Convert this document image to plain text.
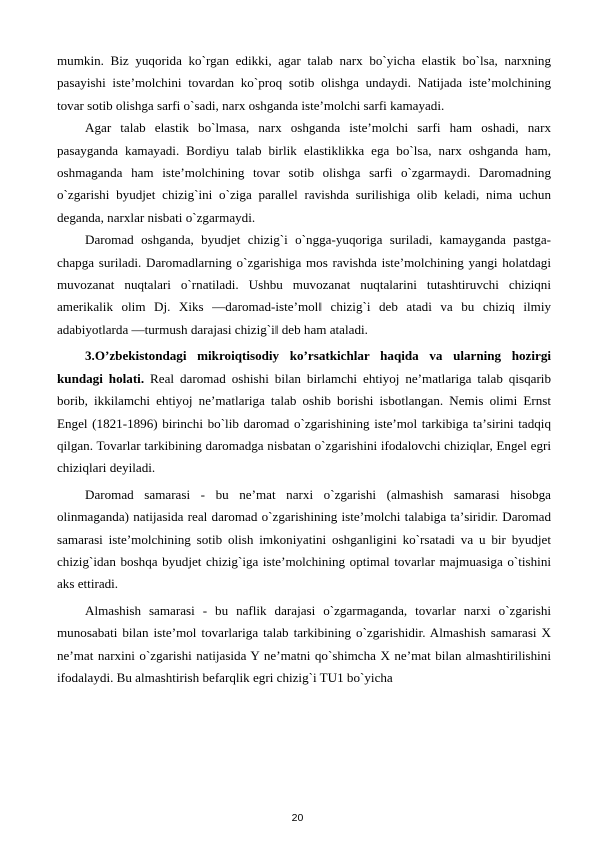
mumkin. Biz yuqorida ko`rgan edikki, agar talab narx bo`yicha elastik bo`lsa, narxning pasayishi isteʼmolchini tovardan ko`proq sotib olishga undaydi. Natijada isteʼmolchining tovar sotib olishga sarfi o`sadi, narx oshganda isteʼmolchi sarfi kamayadi.

Agar talab elastik bo`lmasa, narx oshganda isteʼmolchi sarfi ham oshadi, narx pasayganda kamayadi. Bordiyu talab birlik elastiklikka ega bo`lsa, narx oshganda ham, oshmaganda ham isteʼmolchining tovar sotib olishga sarfi o`zgarmaydi. Daromadning o`zgarishi byudjet chizig`ini o`ziga parallel ravishda surilishiga olib keladi, nima uchun deganda, narxlar nisbati o`zgarmaydi.

Daromad oshganda, byudjet chizig`i o`ngga-yuqoriga suriladi, kamayganda pastga-chapga suriladi. Daromadlarning o`zgarishiga mos ravishda isteʼmolchining yangi holatdagi muvozanat nuqtalari o`rnatiladi. Ushbu muvozanat nuqtalarini tutashtiruvchi chiziqni amerikalik olim Dj. Xiks ―daromad-isteʼmol‖ chizig`i deb atadi va bu chiziq ilmiy adabiyotlarda ―turmush darajasi chizig`i‖ deb ham ataladi.

3.O’zbekistondagi mikroiqtisodiy ko’rsatkichlar haqida va ularning hozirgi kundagi holati. Real daromad oshishi bilan birlamchi ehtiyoj neʼmatlariga talab qisqarib borib, ikkilamchi ehtiyoj neʼmatlariga talab oshib borishi isbotlangan. Nemis olimi Ernst Engel (1821-1896) birinchi bo`lib daromad o`zgarishining isteʼmol tarkibiga taʼsirini tadqiq qilgan. Tovarlar tarkibining daromadga nisbatan o`zgarishini ifodalovchi chiziqlar, Engel egri chiziqlari deyiladi.

Daromad samarasi - bu neʼmat narxi o`zgarishi (almashish samarasi hisobga olinmaganda) natijasida real daromad o`zgarishining isteʼmolchi talabiga taʼsiridir. Daromad samarasi isteʼmolchining sotib olish imkoniyatini oshganligini ko`rsatadi va u bir byudjet chizig`idan boshqa byudjet chizig`iga isteʼmolchining optimal tovarlar majmuasiga o`tishini aks ettiradi.

Almashish samarasi - bu naflik darajasi o`zgarmaganda, tovarlar narxi o`zgarishi munosabati bilan isteʼmol tovarlariga talab tarkibining o`zgarishidir. Almashish samarasi X neʼmat narxini o`zgarishi natijasida Y neʼmatni qo`shimcha X neʼmat bilan almashtirilishini ifodalaydi. Bu almashtirish befarqlik egri chizig`i TU1 bo`yicha

20
